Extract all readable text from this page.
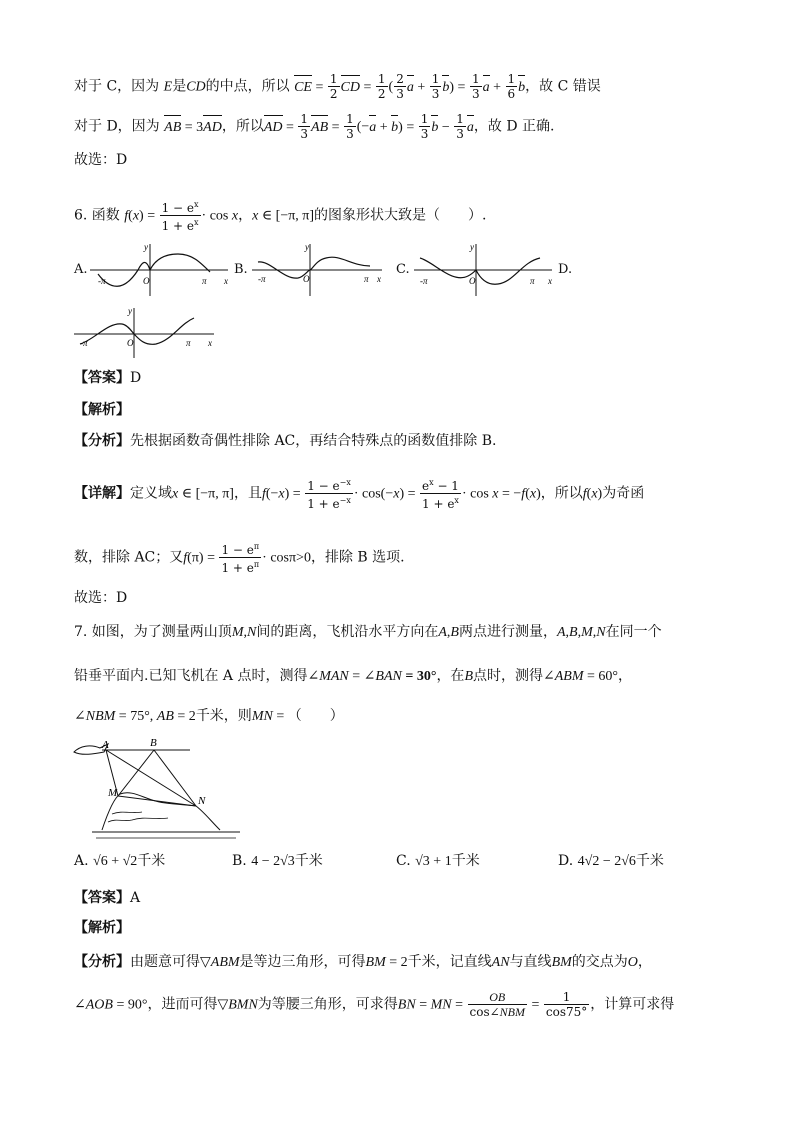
对于 C，因为 E是CD的中点，所以 CE = $\frac{1}{2}$ CD = $\frac{1}{2}$ ( $\frac{2}{3}$ $a + \frac{1}{3} b) = \frac{1}{3}$ $a + \frac{1}{6}$ b，故 C 错误
对于 D，因为 AB = 3AD，所以AD = $\frac{1}{3}$ AB = $\frac{1}{3} (-a + b) = \frac{1}{3}$ $b - \frac{1}{3}$ a，故 D 正确.
故选：D
6. 函数 $f(x) = \frac{1 - e^x}{1 + e^x} \cdot \cos x$，x ∈ [−π, π]的图象形状大致是（　　）.
A.
-π	π
O	x
y
B.
-π	π
O	x
y
C.
-π	π
O	x
y
D.
-π	π
O	x
y
【答案】D
【解析】
【分析】先根据函数奇偶性排除 AC，再结合特殊点的函数值排除 B.
【详解】定义域x ∈ [−π, π]，且$f(-x) = \frac{1 - e^{-x}}{1 + e^{-x}} \cdot \cos(-x) = \frac{e^x - 1}{1 + e^x} \cdot \cos x = -f(x)$，所以f(x)为奇函
数，排除 AC；又$f(\pi) = \frac{1 - e^\pi}{1 + e^\pi} \cdot \cos\pi>0$，排除 B 选项.
故选：D
7. 如图，为了测量两山顶M,N间的距离，飞机沿水平方向在A,B两点进行测量，A,B,M,N在同一个
铅垂平面内.已知飞机在 A 点时，测得∠MAN = ∠BAN = 30°，在B点时，测得∠ABM = 60°，
∠NBM = 75°, AB = 2千米，则MN = （　　）
A	B
M
N
A. √6 + √2千米	B. 4 − 2√3千米	C. √3 + 1千米	D. 4√2 − 2√6千米
【答案】A
【解析】
【分析】由题意可得▽ABM是等边三角形，可得BM = 2千米，记直线AN与直线BM的交点为O，
∠AOB = 90°，进而可得▽BMN为等腰三角形，可求得BN = MN = $\frac{OB}{\text{cos∠NBM}} = \frac{1}{\cos 75^\circ}$ ，计算可求得
